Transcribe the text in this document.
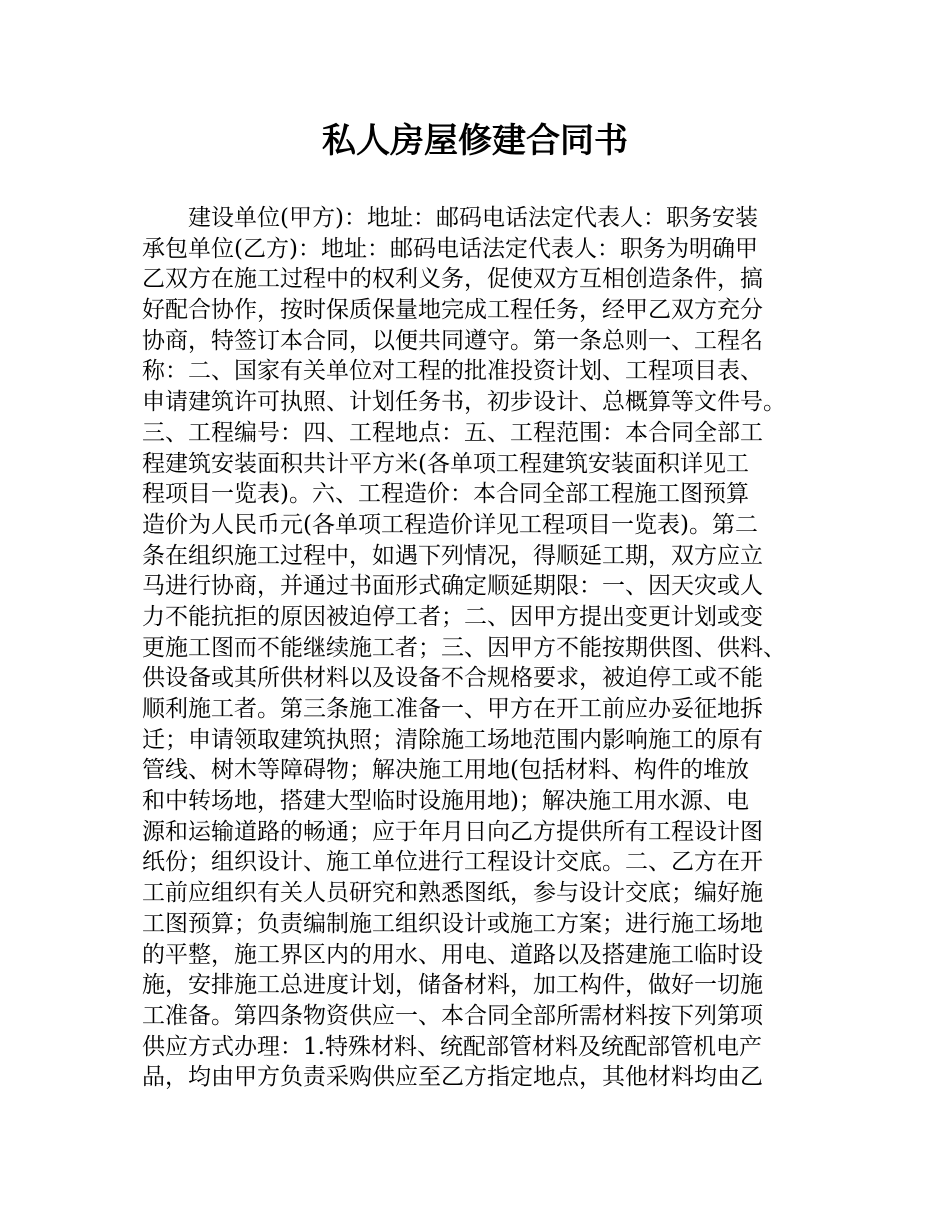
私人房屋修建合同书
建设单位(甲方)：地址：邮码电话法定代表人：职务安装
承包单位(乙方)：地址：邮码电话法定代表人：职务为明确甲
乙双方在施工过程中的权利义务，促使双方互相创造条件，搞
好配合协作，按时保质保量地完成工程任务，经甲乙双方充分
协商，特签订本合同，以便共同遵守。第一条总则一、工程名
称：二、国家有关单位对工程的批准投资计划、工程项目表、
申请建筑许可执照、计划任务书，初步设计、总概算等文件号。
三、工程编号：四、工程地点：五、工程范围：本合同全部工
程建筑安装面积共计平方米(各单项工程建筑安装面积详见工
程项目一览表)。六、工程造价：本合同全部工程施工图预算
造价为人民币元(各单项工程造价详见工程项目一览表)。第二
条在组织施工过程中，如遇下列情况，得顺延工期，双方应立
马进行协商，并通过书面形式确定顺延期限：一、因天灾或人
力不能抗拒的原因被迫停工者；二、因甲方提出变更计划或变
更施工图而不能继续施工者；三、因甲方不能按期供图、供料、
供设备或其所供材料以及设备不合规格要求，被迫停工或不能
顺利施工者。第三条施工准备一、甲方在开工前应办妥征地拆
迁；申请领取建筑执照；清除施工场地范围内影响施工的原有
管线、树木等障碍物；解决施工用地(包括材料、构件的堆放
和中转场地，搭建大型临时设施用地)；解决施工用水源、电
源和运输道路的畅通；应于年月日向乙方提供所有工程设计图
纸份；组织设计、施工单位进行工程设计交底。二、乙方在开
工前应组织有关人员研究和熟悉图纸，参与设计交底；编好施
工图预算；负责编制施工组织设计或施工方案；进行施工场地
的平整，施工界区内的用水、用电、道路以及搭建施工临时设
施，安排施工总进度计划，储备材料，加工构件，做好一切施
工准备。第四条物资供应一、本合同全部所需材料按下列第项
供应方式办理：1.特殊材料、统配部管材料及统配部管机电产
品，均由甲方负责采购供应至乙方指定地点，其他材料均由乙
